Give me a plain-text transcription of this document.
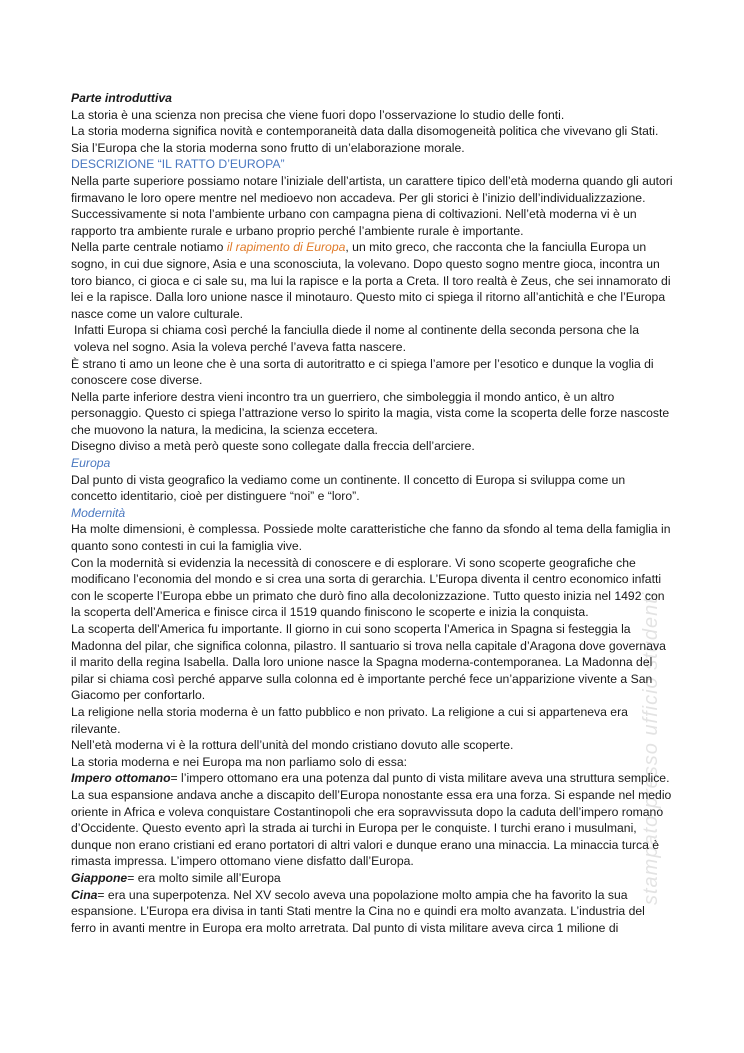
stampato presso ufficio studenti

Parte introduttiva

La storia è una scienza non precisa che viene fuori dopo l’osservazione lo studio delle fonti.

La storia moderna significa novità e contemporaneità data dalla disomogeneità politica che vivevano gli Stati.

Sia l’Europa che la storia moderna sono frutto di un’elaborazione morale.

DESCRIZIONE “IL RATTO D’EUROPA”

Nella parte superiore possiamo notare l’iniziale dell’artista, un carattere tipico dell’età moderna quando gli autori firmavano le loro opere mentre nel medioevo non accadeva. Per gli storici è l’inizio dell’individualizzazione.

Successivamente si nota l’ambiente urbano con campagna piena di coltivazioni. Nell’età moderna vi è un rapporto tra ambiente rurale e urbano proprio perché l’ambiente rurale è importante.

Nella parte centrale notiamo il rapimento di Europa, un mito greco, che racconta che la fanciulla Europa un sogno, in cui due signore, Asia e una sconosciuta, la volevano. Dopo questo sogno mentre gioca, incontra un toro bianco, ci gioca e ci sale su, ma lui la rapisce e la porta a Creta. Il toro realtà è Zeus, che sei innamorato di lei e la rapisce. Dalla loro unione nasce il minotauro. Questo mito ci spiega il ritorno all’antichità e che l’Europa nasce come un valore culturale.

Infatti Europa si chiama così perché la fanciulla diede il nome al continente della seconda persona che la voleva nel sogno. Asia la voleva perché l’aveva fatta nascere.

È strano ti amo un leone che è una sorta di autoritratto e ci spiega l’amore per l’esotico e dunque la voglia di conoscere cose diverse.

Nella parte inferiore destra vieni incontro tra un guerriero, che simboleggia il mondo antico, è un altro personaggio. Questo ci spiega l’attrazione verso lo spirito la magia, vista come la scoperta delle forze nascoste che muovono la natura, la medicina, la scienza eccetera.

Disegno diviso a metà però queste sono collegate dalla freccia dell’arciere.

Europa

Dal punto di vista geografico la vediamo come un continente. Il concetto di Europa si sviluppa come un concetto identitario, cioè per distinguere “noi” e “loro”.

Modernità

Ha molte dimensioni, è complessa. Possiede molte caratteristiche che fanno da sfondo al tema della famiglia in quanto sono contesti in cui la famiglia vive.

Con la modernità si evidenzia la necessità di conoscere e di esplorare. Vi sono scoperte geografiche che modificano l’economia del mondo e si crea una sorta di gerarchia. L’Europa diventa il centro economico infatti con le scoperte l’Europa ebbe un primato che durò fino alla decolonizzazione. Tutto questo inizia nel 1492 con la scoperta dell’America e finisce circa il 1519 quando finiscono le scoperte e inizia la conquista.

La scoperta dell’America fu importante. Il giorno in cui sono scoperta l’America in Spagna si festeggia la Madonna del pilar, che significa colonna, pilastro. Il santuario si trova nella capitale d’Aragona dove governava il marito della regina Isabella. Dalla loro unione nasce la Spagna moderna-contemporanea. La Madonna del pilar si chiama così perché apparve sulla colonna ed è importante perché fece un’apparizione vivente a San Giacomo per confortarlo.

La religione nella storia moderna è un fatto pubblico e non privato. La religione a cui si apparteneva era rilevante.

Nell’età moderna vi è la rottura dell’unità del mondo cristiano dovuto alle scoperte.

La storia moderna e nei Europa ma non parliamo solo di essa:

Impero ottomano= l’impero ottomano era una potenza dal punto di vista militare aveva una struttura semplice. La sua espansione andava anche a discapito dell’Europa nonostante essa era una forza. Si espande nel medio oriente in Africa e voleva conquistare Costantinopoli che era sopravvissuta dopo la caduta dell’impero romano d’Occidente. Questo evento aprì la strada ai turchi in Europa per le conquiste. I turchi erano i musulmani, dunque non erano cristiani ed erano portatori di altri valori e dunque erano una minaccia. La minaccia turca è rimasta impressa. L’impero ottomano viene disfatto dall’Europa.

Giappone= era molto simile all’Europa

Cina= era una superpotenza. Nel XV secolo aveva una popolazione molto ampia che ha favorito la sua espansione. L’Europa era divisa in tanti Stati mentre la Cina no e quindi era molto avanzata. L’industria del ferro in avanti mentre in Europa era molto arretrata. Dal punto di vista militare aveva circa 1 milione di
